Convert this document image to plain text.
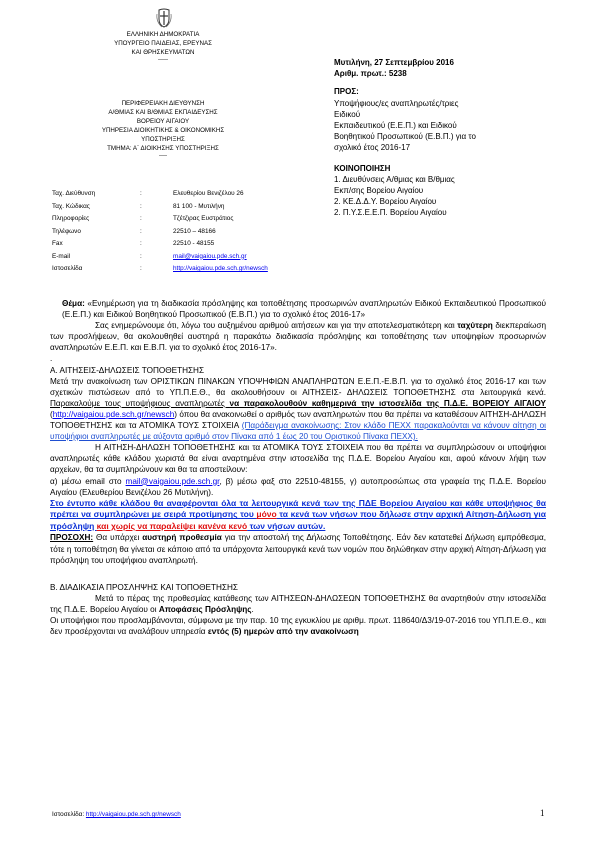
ΕΛΛΗΝΙΚΗ ΔΗΜΟΚΡΑΤΙΑ
ΥΠΟΥΡΓΕΙΟ ΠΑΙΔΕΙΑΣ, ΕΡΕΥΝΑΣ
ΚΑΙ ΘΡΗΣΚΕΥΜΑΤΩΝ
-----
ΠΕΡΙΦΕΡΕΙΑΚΗ ΔΙΕΥΘΥΝΣΗ
Α/ΘΜΙΑΣ ΚΑΙ Β/ΘΜΙΑΣ ΕΚΠΑΙΔΕΥΣΗΣ
ΒΟΡΕΙΟΥ ΑΙΓΑΙΟΥ
ΥΠΗΡΕΣΙΑ ΔΙΟΙΚΗΤΙΚΗΣ & ΟΙΚΟΝΟΜΙΚΗΣ
ΥΠΟΣΤΗΡΙΞΗΣ
ΤΜΗΜΑ: Α΄ ΔΙΟΙΚΗΣΗΣ ΥΠΟΣΤΗΡΙΞΗΣ
----
Ταχ. Διεύθυνση	:	Ελευθερίου Βενιζέλου 26
Ταχ. Κώδικας	:	81 100 - Μυτιλήνη
Πληροφορίες	:	Τζέτζιρας Ευστράτιος
Τηλέφωνο	:	22510 – 48166
Fax	:	22510 - 48155
E-mail	:	mail@vaigaiou.pde.sch.gr
Ιστοσελίδα	:	http://vaigaiou.pde.sch.gr/newsch
Μυτιλήνη, 27 Σεπτεμβρίου 2016
Αριθμ. πρωτ.: 5238
ΠΡΟΣ:
Υποψήφιους/ες αναπληρωτές/τριες
Ειδικού
Εκπαιδευτικού (Ε.Ε.Π.) και Ειδικού
Βοηθητικού Προσωπικού (Ε.Β.Π.) για το
σχολικό έτος 2016-17
ΚΟΙΝΟΠΟΙΗΣΗ
1. Διευθύνσεις Α/θμιας και Β/θμιας
Εκπ/σης Βορείου Αιγαίου
2. ΚΕ.Δ.Δ.Υ. Βορείου Αιγαίου
2. Π.Υ.Σ.Ε.Ε.Π. Βορείου Αιγαίου

Θέμα: «Ενημέρωση για τη διαδικασία πρόσληψης και τοποθέτησης προσωρινών αναπληρωτών Ειδικού Εκπαιδευτικού Προσωπικού (Ε.Ε.Π.) και Ειδικού Βοηθητικού Προσωπικού (Ε.Β.Π.) για το σχολικό έτος 2016-17»

Σας ενημερώνουμε ότι, λόγω του αυξημένου αριθμού αιτήσεων και για την αποτελεσματικότερη και ταχύτερη διεκπεραίωση των προσλήψεων, θα ακολουθηθεί αυστηρά η παρακάτω διαδικασία πρόσληψης και τοποθέτησης των υποψηφίων προσωρινών αναπληρωτών Ε.Ε.Π. και Ε.Β.Π. για το σχολικό έτος 2016-17».

.

Α. ΑΙΤΗΣΕΙΣ-ΔΗΛΩΣΕΙΣ ΤΟΠΟΘΕΤΗΣΗΣ

Μετά την ανακοίνωση των ΟΡΙΣΤΙΚΩΝ ΠΙΝΑΚΩΝ ΥΠΟΨΗΦΙΩΝ ΑΝΑΠΛΗΡΩΤΩΝ Ε.Ε.Π.-Ε.Β.Π. για το σχολικό έτος 2016-17 και των σχετικών πιστώσεων από το ΥΠ.Π.Ε.Θ., θα ακολουθήσουν οι ΑΙΤΗΣΕΙΣ- ΔΗΛΩΣΕΙΣ ΤΟΠΟΘΕΤΗΣΗΣ στα λειτουργικά κενά. Παρακαλούμε τους υποψήφιους αναπληρωτές να παρακολουθούν καθημερινά την ιστοσελίδα της Π.Δ.Ε. ΒΟΡΕΙΟΥ ΑΙΓΑΙΟΥ (http://vaigaiou.pde.sch.gr/newsch) όπου θα ανακοινωθεί ο αριθμός των αναπληρωτών που θα πρέπει να καταθέσουν ΑΙΤΗΣΗ-ΔΗΛΩΣΗ ΤΟΠΟΘΕΤΗΣΗΣ και τα ΑΤΟΜΙΚΑ ΤΟΥΣ ΣΤΟΙΧΕΙΑ (Παράδειγμα ανακοίνωσης: Στον κλάδο ΠΕΧΧ παρακαλούνται να κάνουν αίτηση οι υποψήφιοι αναπληρωτές με αύξοντα αριθμό στον Πίνακα από 1 έως 20 του Οριστικού Πίνακα ΠΕΧΧ).

Η ΑΙΤΗΣΗ-ΔΗΛΩΣΗ ΤΟΠΟΘΕΤΗΣΗΣ και τα ΑΤΟΜΙΚΑ ΤΟΥΣ ΣΤΟΙΧΕΙΑ που θα πρέπει να συμπληρώσουν οι υποψήφιοι αναπληρωτές κάθε κλάδου χωριστά θα είναι αναρτημένα στην ιστοσελίδα της Π.Δ.Ε. Βορείου Αιγαίου και, αφού κάνουν λήψη των αρχείων, θα τα συμπληρώνουν και θα τα αποστείλουν:

α) μέσω email στο mail@vaigaiou.pde.sch.gr, β) μέσω φαξ στο 22510-48155, γ) αυτοπροσώπως στα γραφεία της Π.Δ.Ε. Βορείου Αιγαίου (Ελευθερίου Βενιζέλου 26 Μυτιλήνη).

Στο έντυπο κάθε κλάδου θα αναφέρονται όλα τα λειτουργικά κενά των της ΠΔΕ Βορείου Αιγαίου και κάθε υποψήφιος θα πρέπει να συμπληρώνει με σειρά προτίμησης του μόνο τα κενά των νήσων που δήλωσε στην αρχική Αίτηση-Δήλωση για πρόσληψη και χωρίς να παραλείψει κανένα κενό των νήσων αυτών.

ΠΡΟΣΟΧΗ: Θα υπάρχει αυστηρή προθεσμία για την αποστολή της Δήλωσης Τοποθέτησης. Εάν δεν κατατεθεί Δήλωση εμπρόθεσμα, τότε η τοποθέτηση θα γίνεται σε κάποιο από τα υπάρχοντα λειτουργικά κενά των νομών που δηλώθηκαν στην αρχική Αίτηση-Δήλωση για πρόσληψη του υποψήφιου αναπληρωτή.

Β. ΔΙΑΔΙΚΑΣΙΑ ΠΡΟΣΛΗΨΗΣ ΚΑΙ ΤΟΠΟΘΕΤΗΣΗΣ

Μετά το πέρας της προθεσμίας κατάθεσης των ΑΙΤΗΣΕΩΝ-ΔΗΛΩΣΕΩΝ ΤΟΠΟΘΕΤΗΣΗΣ θα αναρτηθούν στην ιστοσελίδα της Π.Δ.Ε. Βορείου Αιγαίου οι Αποφάσεις Πρόσληψης.

Οι υποψήφιοι που προσλαμβάνονται, σύμφωνα με την παρ. 10 της εγκυκλίου με αριθμ. πρωτ. 118640/Δ3/19-07-2016 του ΥΠ.Π.Ε.Θ., και δεν προσέρχονται να αναλάβουν υπηρεσία εντός (5) ημερών από την ανακοίνωση

Ιστοσελίδα: http://vaigaiou.pde.sch.gr/newsch	1
